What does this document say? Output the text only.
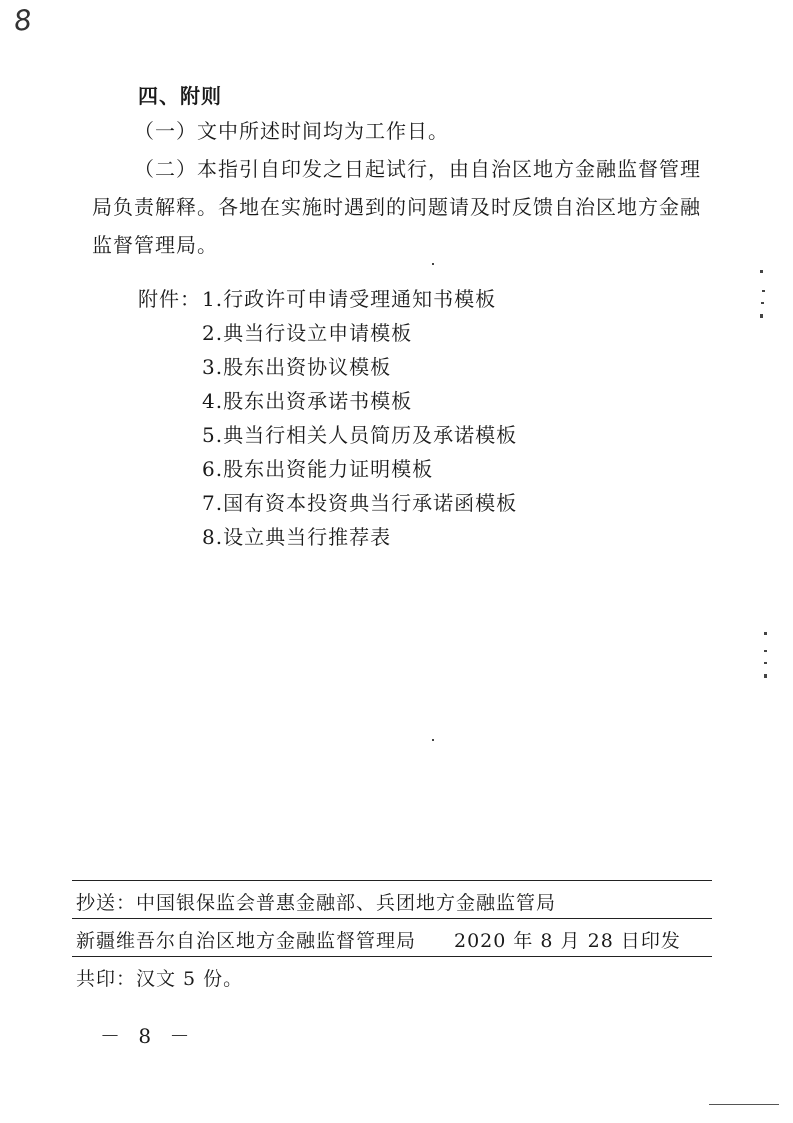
8
四、附则
（一）文中所述时间均为工作日。
（二）本指引自印发之日起试行，由自治区地方金融监督管理局负责解释。各地在实施时遇到的问题请及时反馈自治区地方金融监督管理局。
附件： 1.行政许可申请受理通知书模板
2.典当行设立申请模板
3.股东出资协议模板
4.股东出资承诺书模板
5.典当行相关人员简历及承诺模板
6.股东出资能力证明模板
7.国有资本投资典当行承诺函模板
8.设立典当行推荐表
抄送：中国银保监会普惠金融部、兵团地方金融监管局
新疆维吾尔自治区地方金融监督管理局 2020 年 8 月 28 日印发
共印：汉文 5 份。
－ 8 －
